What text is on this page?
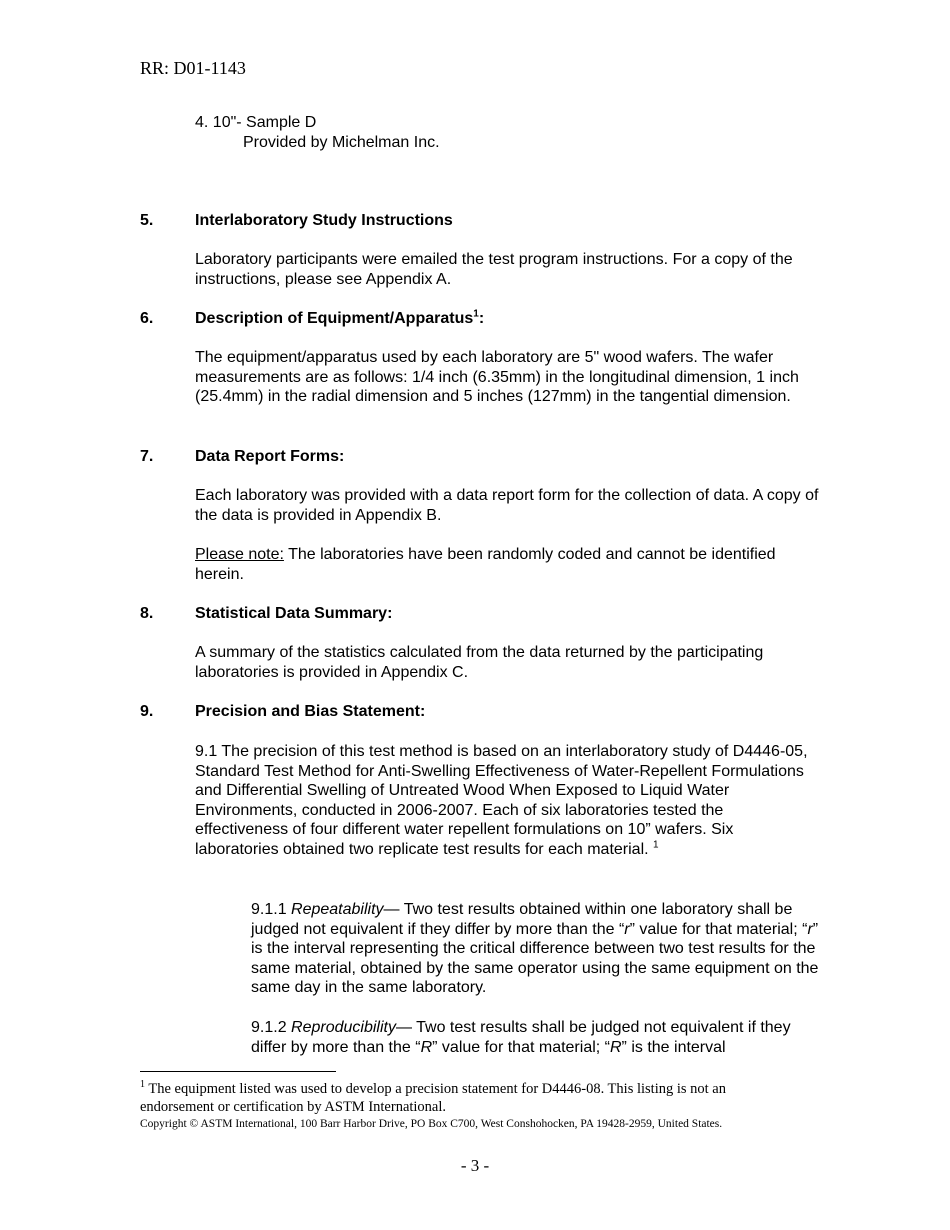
RR: D01-1143
4. 10"- Sample D
Provided by Michelman Inc.
5.	Interlaboratory Study Instructions
Laboratory participants were emailed the test program instructions. For a copy of the instructions, please see Appendix A.
6.	Description of Equipment/Apparatus$^1$:
The equipment/apparatus used by each laboratory are 5" wood wafers. The wafer measurements are as follows: 1/4 inch (6.35mm) in the longitudinal dimension, 1 inch (25.4mm) in the radial dimension and 5 inches (127mm) in the tangential dimension.
7.	Data Report Forms:
Each laboratory was provided with a data report form for the collection of data. A copy of the data is provided in Appendix B.
Please note: The laboratories have been randomly coded and cannot be identified herein.
8.	Statistical Data Summary:
A summary of the statistics calculated from the data returned by the participating laboratories is provided in Appendix C.
9.	Precision and Bias Statement:
9.1 The precision of this test method is based on an interlaboratory study of D4446-05, Standard Test Method for Anti-Swelling Effectiveness of Water-Repellent Formulations and Differential Swelling of Untreated Wood When Exposed to Liquid Water Environments, conducted in 2006-2007. Each of six laboratories tested the effectiveness of four different water repellent formulations on 10” wafers. Six laboratories obtained two replicate test results for each material. $^1$
9.1.1 Repeatability— Two test results obtained within one laboratory shall be judged not equivalent if they differ by more than the “r” value for that material; “r” is the interval representing the critical difference between two test results for the same material, obtained by the same operator using the same equipment on the same day in the same laboratory.
9.1.2 Reproducibility— Two test results shall be judged not equivalent if they differ by more than the “R” value for that material; “R” is the interval
$^1$ The equipment listed was used to develop a precision statement for D4446-08. This listing is not an endorsement or certification by ASTM International.
Copyright © ASTM International, 100 Barr Harbor Drive, PO Box C700, West Conshohocken, PA 19428-2959, United States.
- 3 -
